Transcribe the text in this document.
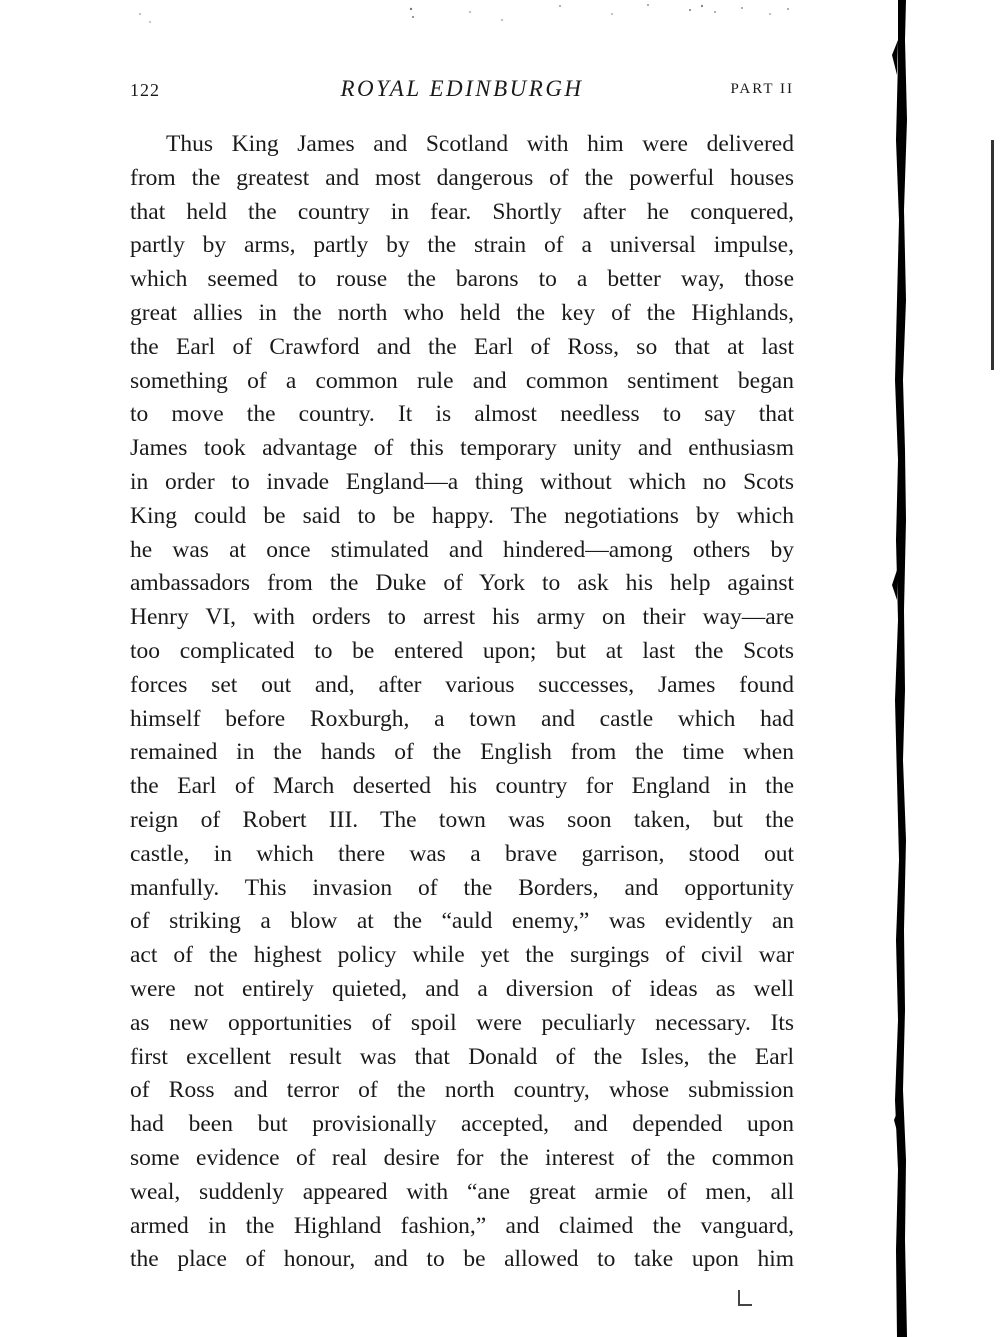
122	ROYAL EDINBURGH	PART II
Thus King James and Scotland with him were delivered
from the greatest and most dangerous of the powerful houses
that held the country in fear. Shortly after he conquered,
partly by arms, partly by the strain of a universal impulse,
which seemed to rouse the barons to a better way, those
great allies in the north who held the key of the Highlands,
the Earl of Crawford and the Earl of Ross, so that at last
something of a common rule and common sentiment began
to move the country. It is almost needless to say that
James took advantage of this temporary unity and enthusiasm
in order to invade England—a thing without which no Scots
King could be said to be happy. The negotiations by which
he was at once stimulated and hindered—among others by
ambassadors from the Duke of York to ask his help against
Henry VI, with orders to arrest his army on their way—are
too complicated to be entered upon; but at last the Scots
forces set out and, after various successes, James found
himself before Roxburgh, a town and castle which had
remained in the hands of the English from the time when
the Earl of March deserted his country for England in the
reign of Robert III. The town was soon taken, but the
castle, in which there was a brave garrison, stood out
manfully. This invasion of the Borders, and opportunity
of striking a blow at the “auld enemy,” was evidently an
act of the highest policy while yet the surgings of civil war
were not entirely quieted, and a diversion of ideas as well
as new opportunities of spoil were peculiarly necessary. Its
first excellent result was that Donald of the Isles, the Earl
of Ross and terror of the north country, whose submission
had been but provisionally accepted, and depended upon
some evidence of real desire for the interest of the common
weal, suddenly appeared with “ane great armie of men, all
armed in the Highland fashion,” and claimed the vanguard,
the place of honour, and to be allowed to take upon him
